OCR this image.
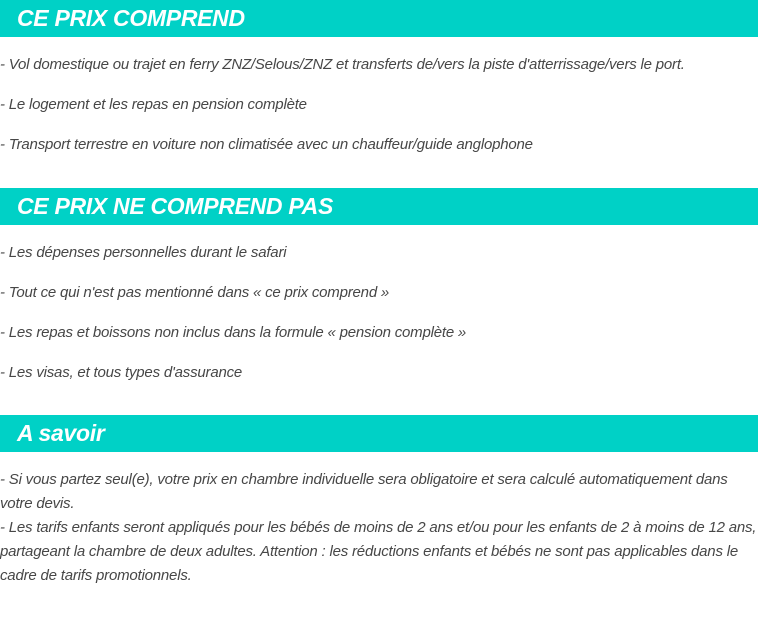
CE PRIX COMPREND
- Vol domestique ou trajet en ferry ZNZ/Selous/ZNZ et transferts de/vers la piste d'atterrissage/vers le port.
- Le logement et les repas en pension complète
- Transport terrestre en voiture non climatisée avec un chauffeur/guide anglophone
CE PRIX NE COMPREND PAS
- Les dépenses personnelles durant le safari
- Tout ce qui n'est pas mentionné dans « ce prix comprend »
- Les repas et boissons non inclus dans la formule « pension complète »
- Les visas, et tous types d'assurance
A savoir

- Si vous partez seul(e), votre prix en chambre individuelle sera obligatoire et sera calculé automatiquement dans votre devis.

- Les tarifs enfants seront appliqués pour les bébés de moins de 2 ans et/ou pour les enfants de 2 à moins de 12 ans, partageant la chambre de deux adultes. Attention : les réductions enfants et bébés ne sont pas applicables dans le cadre de tarifs promotionnels.
